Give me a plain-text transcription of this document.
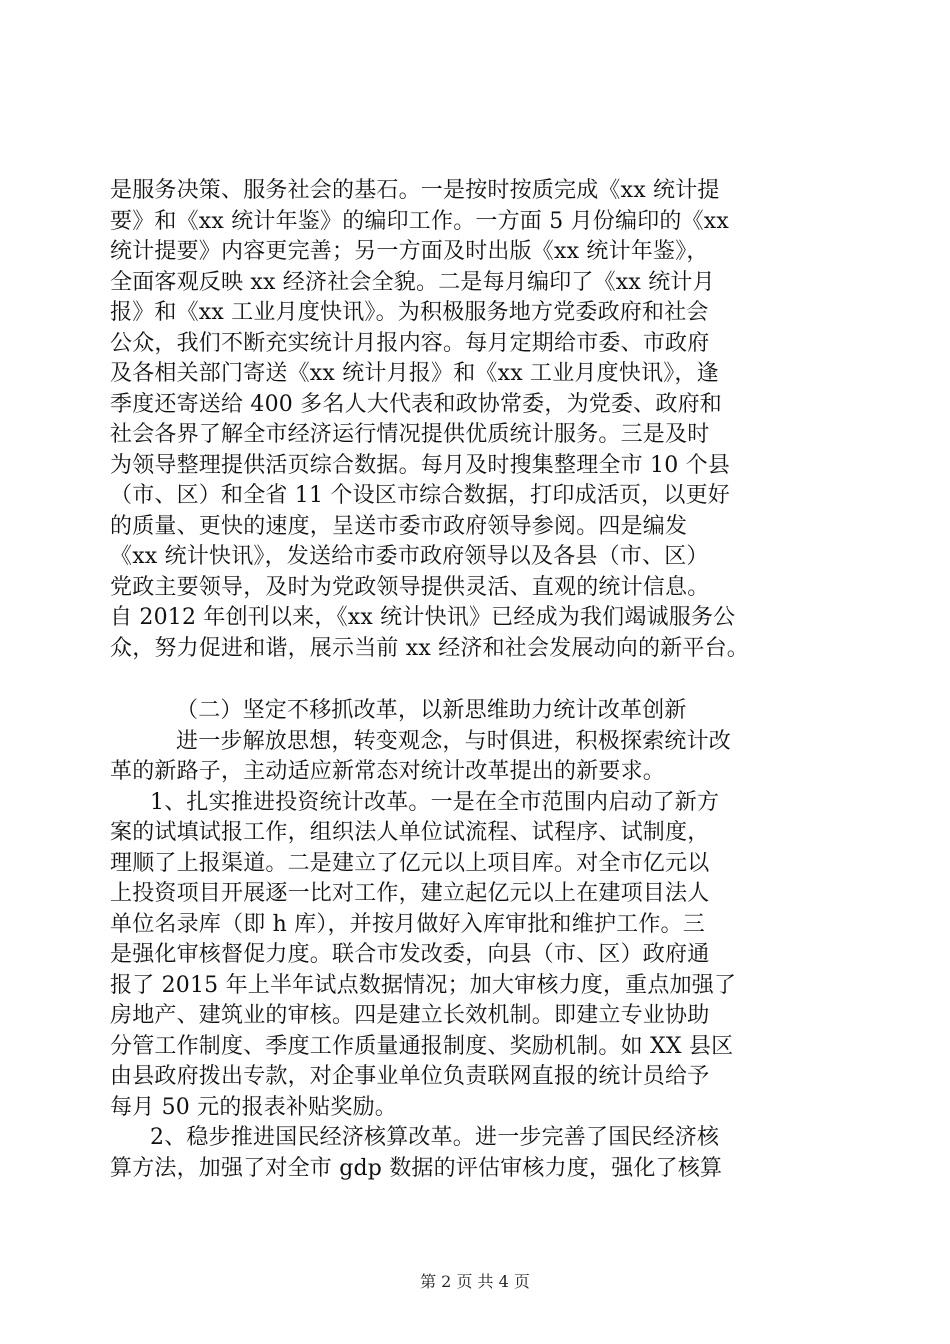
是服务决策、服务社会的基石。一是按时按质完成《xx 统计提
要》和《xx 统计年鉴》的编印工作。一方面 5 月份编印的《xx
统计提要》内容更完善；另一方面及时出版《xx 统计年鉴》，
全面客观反映 xx 经济社会全貌。二是每月编印了《xx 统计月
报》和《xx 工业月度快讯》。为积极服务地方党委政府和社会
公众，我们不断充实统计月报内容。每月定期给市委、市政府
及各相关部门寄送《xx 统计月报》和《xx 工业月度快讯》，逢
季度还寄送给 400 多名人大代表和政协常委，为党委、政府和
社会各界了解全市经济运行情况提供优质统计服务。三是及时
为领导整理提供活页综合数据。每月及时搜集整理全市 10 个县
（市、区）和全省 11 个设区市综合数据，打印成活页，以更好
的质量、更快的速度，呈送市委市政府领导参阅。四是编发
《xx 统计快讯》，发送给市委市政府领导以及各县（市、区）
党政主要领导，及时为党政领导提供灵活、直观的统计信息。
自 2012 年创刊以来，《xx 统计快讯》已经成为我们竭诚服务公
众，努力促进和谐，展示当前 xx 经济和社会发展动向的新平台。
（二）坚定不移抓改革，以新思维助力统计改革创新
进一步解放思想，转变观念，与时俱进，积极探索统计改
革的新路子，主动适应新常态对统计改革提出的新要求。
1、扎实推进投资统计改革。一是在全市范围内启动了新方
案的试填试报工作，组织法人单位试流程、试程序、试制度，
理顺了上报渠道。二是建立了亿元以上项目库。对全市亿元以
上投资项目开展逐一比对工作，建立起亿元以上在建项目法人
单位名录库（即 h 库），并按月做好入库审批和维护工作。三
是强化审核督促力度。联合市发改委，向县（市、区）政府通
报了 2015 年上半年试点数据情况；加大审核力度，重点加强了
房地产、建筑业的审核。四是建立长效机制。即建立专业协助
分管工作制度、季度工作质量通报制度、奖励机制。如 XX 县区
由县政府拨出专款，对企事业单位负责联网直报的统计员给予
每月 50 元的报表补贴奖励。
2、稳步推进国民经济核算改革。进一步完善了国民经济核
算方法，加强了对全市 gdp 数据的评估审核力度，强化了核算
第 2 页 共 4 页
